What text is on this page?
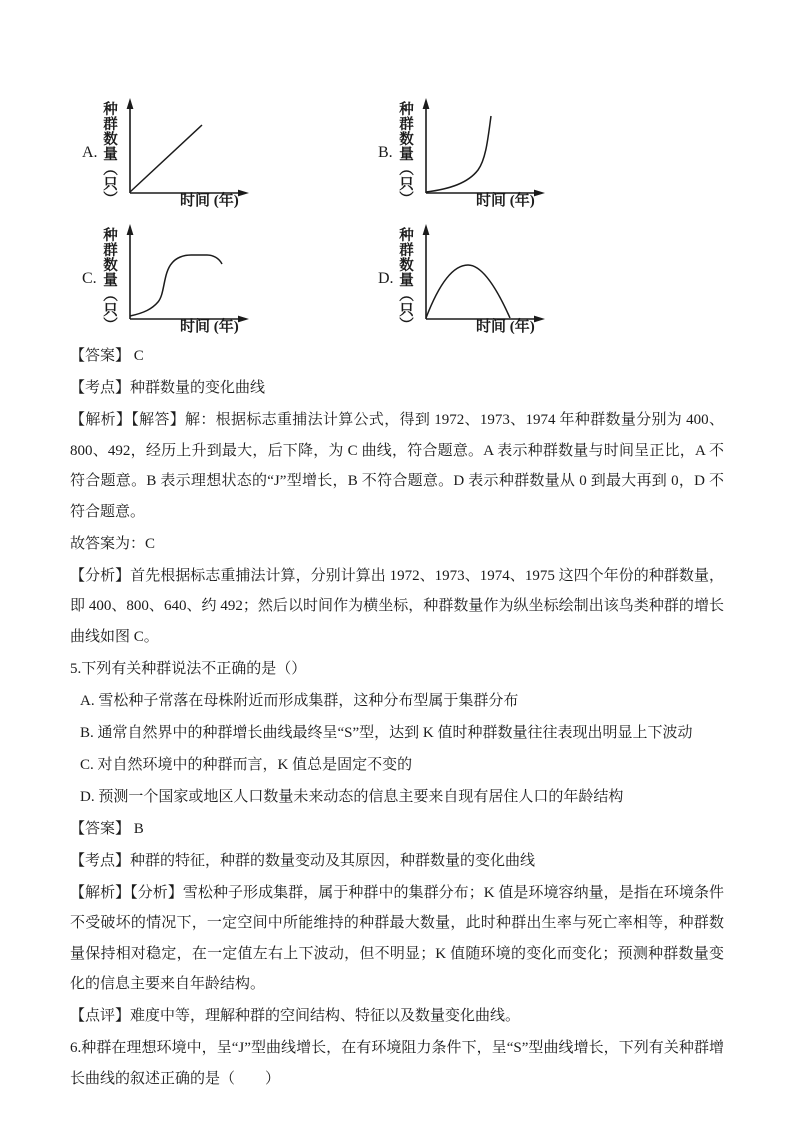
A. 种群数量（只）	时间 (年)
B. 种群数量（只）	时间 (年)
C. 种群数量（只）	时间 (年)
D. 种群数量（只）	时间 (年)

【答案】 C

【考点】种群数量的变化曲线

【解析】【解答】解：根据标志重捕法计算公式，得到 1972、1973、1974 年种群数量分别为 400、800、492，经历上升到最大，后下降，为 C 曲线，符合题意。A 表示种群数量与时间呈正比，A 不符合题意。B 表示理想状态的“J”型增长，B 不符合题意。D 表示种群数量从 0 到最大再到 0，D 不符合题意。

故答案为：C

【分析】首先根据标志重捕法计算，分别计算出 1972、1973、1974、1975 这四个年份的种群数量，即 400、800、640、约 492；然后以时间作为横坐标，种群数量作为纵坐标绘制出该鸟类种群的增长曲线如图 C。

5.下列有关种群说法不正确的是（）

A. 雪松种子常落在母株附近而形成集群，这种分布型属于集群分布

B. 通常自然界中的种群增长曲线最终呈“S”型，达到 K 值时种群数量往往表现出明显上下波动

C. 对自然环境中的种群而言，K 值总是固定不变的

D. 预测一个国家或地区人口数量未来动态的信息主要来自现有居住人口的年龄结构

【答案】 B

【考点】种群的特征，种群的数量变动及其原因，种群数量的变化曲线

【解析】【分析】雪松种子形成集群，属于种群中的集群分布；K 值是环境容纳量，是指在环境条件不受破坏的情况下，一定空间中所能维持的种群最大数量，此时种群出生率与死亡率相等，种群数量保持相对稳定，在一定值左右上下波动，但不明显；K 值随环境的变化而变化；预测种群数量变化的信息主要来自年龄结构。

【点评】难度中等，理解种群的空间结构、特征以及数量变化曲线。

6.种群在理想环境中，呈“J”型曲线增长，在有环境阻力条件下，呈“S”型曲线增长，下列有关种群增长曲线的叙述正确的是（　　）
